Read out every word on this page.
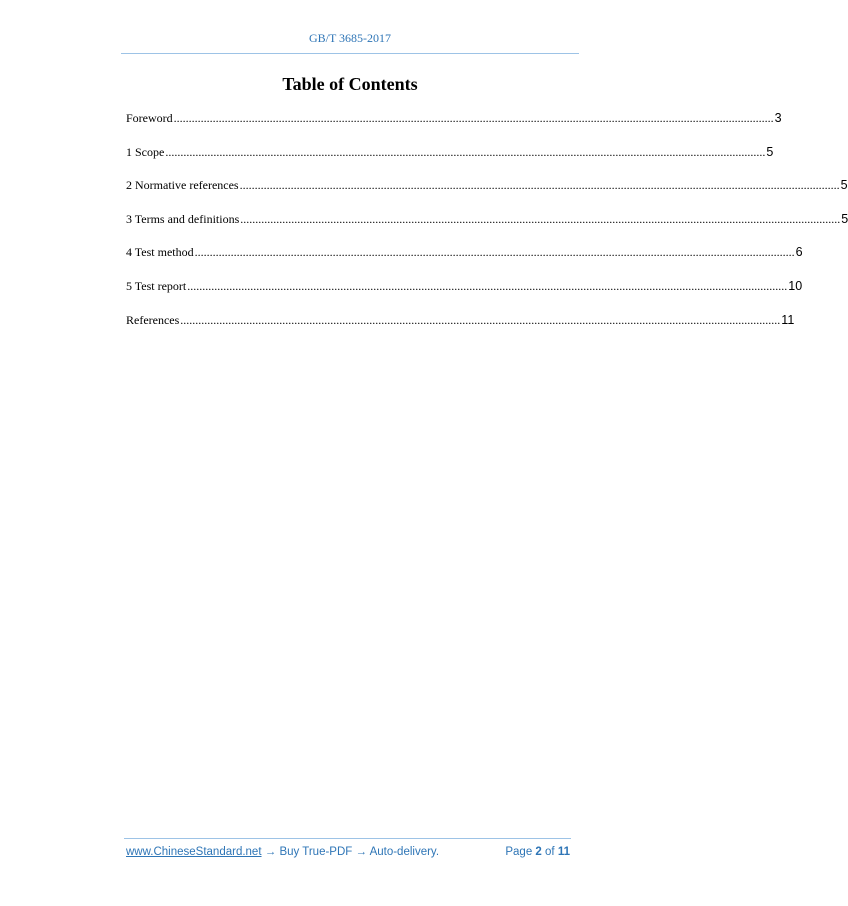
GB/T 3685-2017
Table of Contents
Foreword ........................................................................................................................................................................................................ 3
1 Scope ........................................................................................................................................................................................................ 5
2 Normative references ........................................................................................................................................................................................................ 5
3 Terms and definitions ........................................................................................................................................................................................................ 5
4 Test method ........................................................................................................................................................................................................ 6
5 Test report ........................................................................................................................................................................................................ 10
References ........................................................................................................................................................................................................ 11
www.ChineseStandard.net → Buy True-PDF → Auto-delivery.	Page 2 of 11
